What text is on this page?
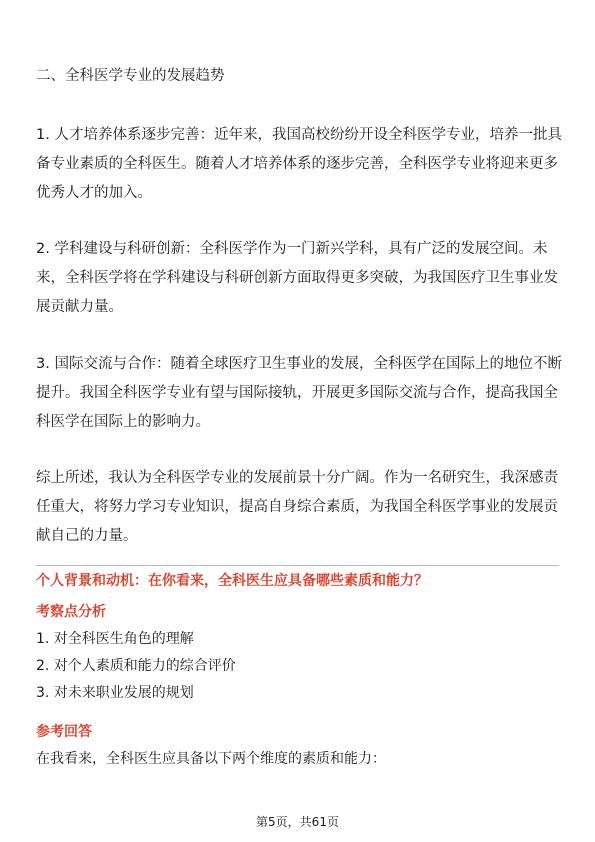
二、全科医学专业的发展趋势
1. 人才培养体系逐步完善：近年来，我国高校纷纷开设全科医学专业，培养一批具
备专业素质的全科医生。随着人才培养体系的逐步完善，全科医学专业将迎来更多
优秀人才的加入。
2. 学科建设与科研创新：全科医学作为一门新兴学科，具有广泛的发展空间。未
来，全科医学将在学科建设与科研创新方面取得更多突破，为我国医疗卫生事业发
展贡献力量。
3. 国际交流与合作：随着全球医疗卫生事业的发展，全科医学在国际上的地位不断
提升。我国全科医学专业有望与国际接轨，开展更多国际交流与合作，提高我国全
科医学在国际上的影响力。
综上所述，我认为全科医学专业的发展前景十分广阔。作为一名研究生，我深感责
任重大，将努力学习专业知识，提高自身综合素质，为我国全科医学事业的发展贡
献自己的力量。
个人背景和动机：在你看来，全科医生应具备哪些素质和能力？
考察点分析
1. 对全科医生角色的理解
2. 对个人素质和能力的综合评价
3. 对未来职业发展的规划
参考回答
在我看来，全科医生应具备以下两个维度的素质和能力：
第5页，共61页
